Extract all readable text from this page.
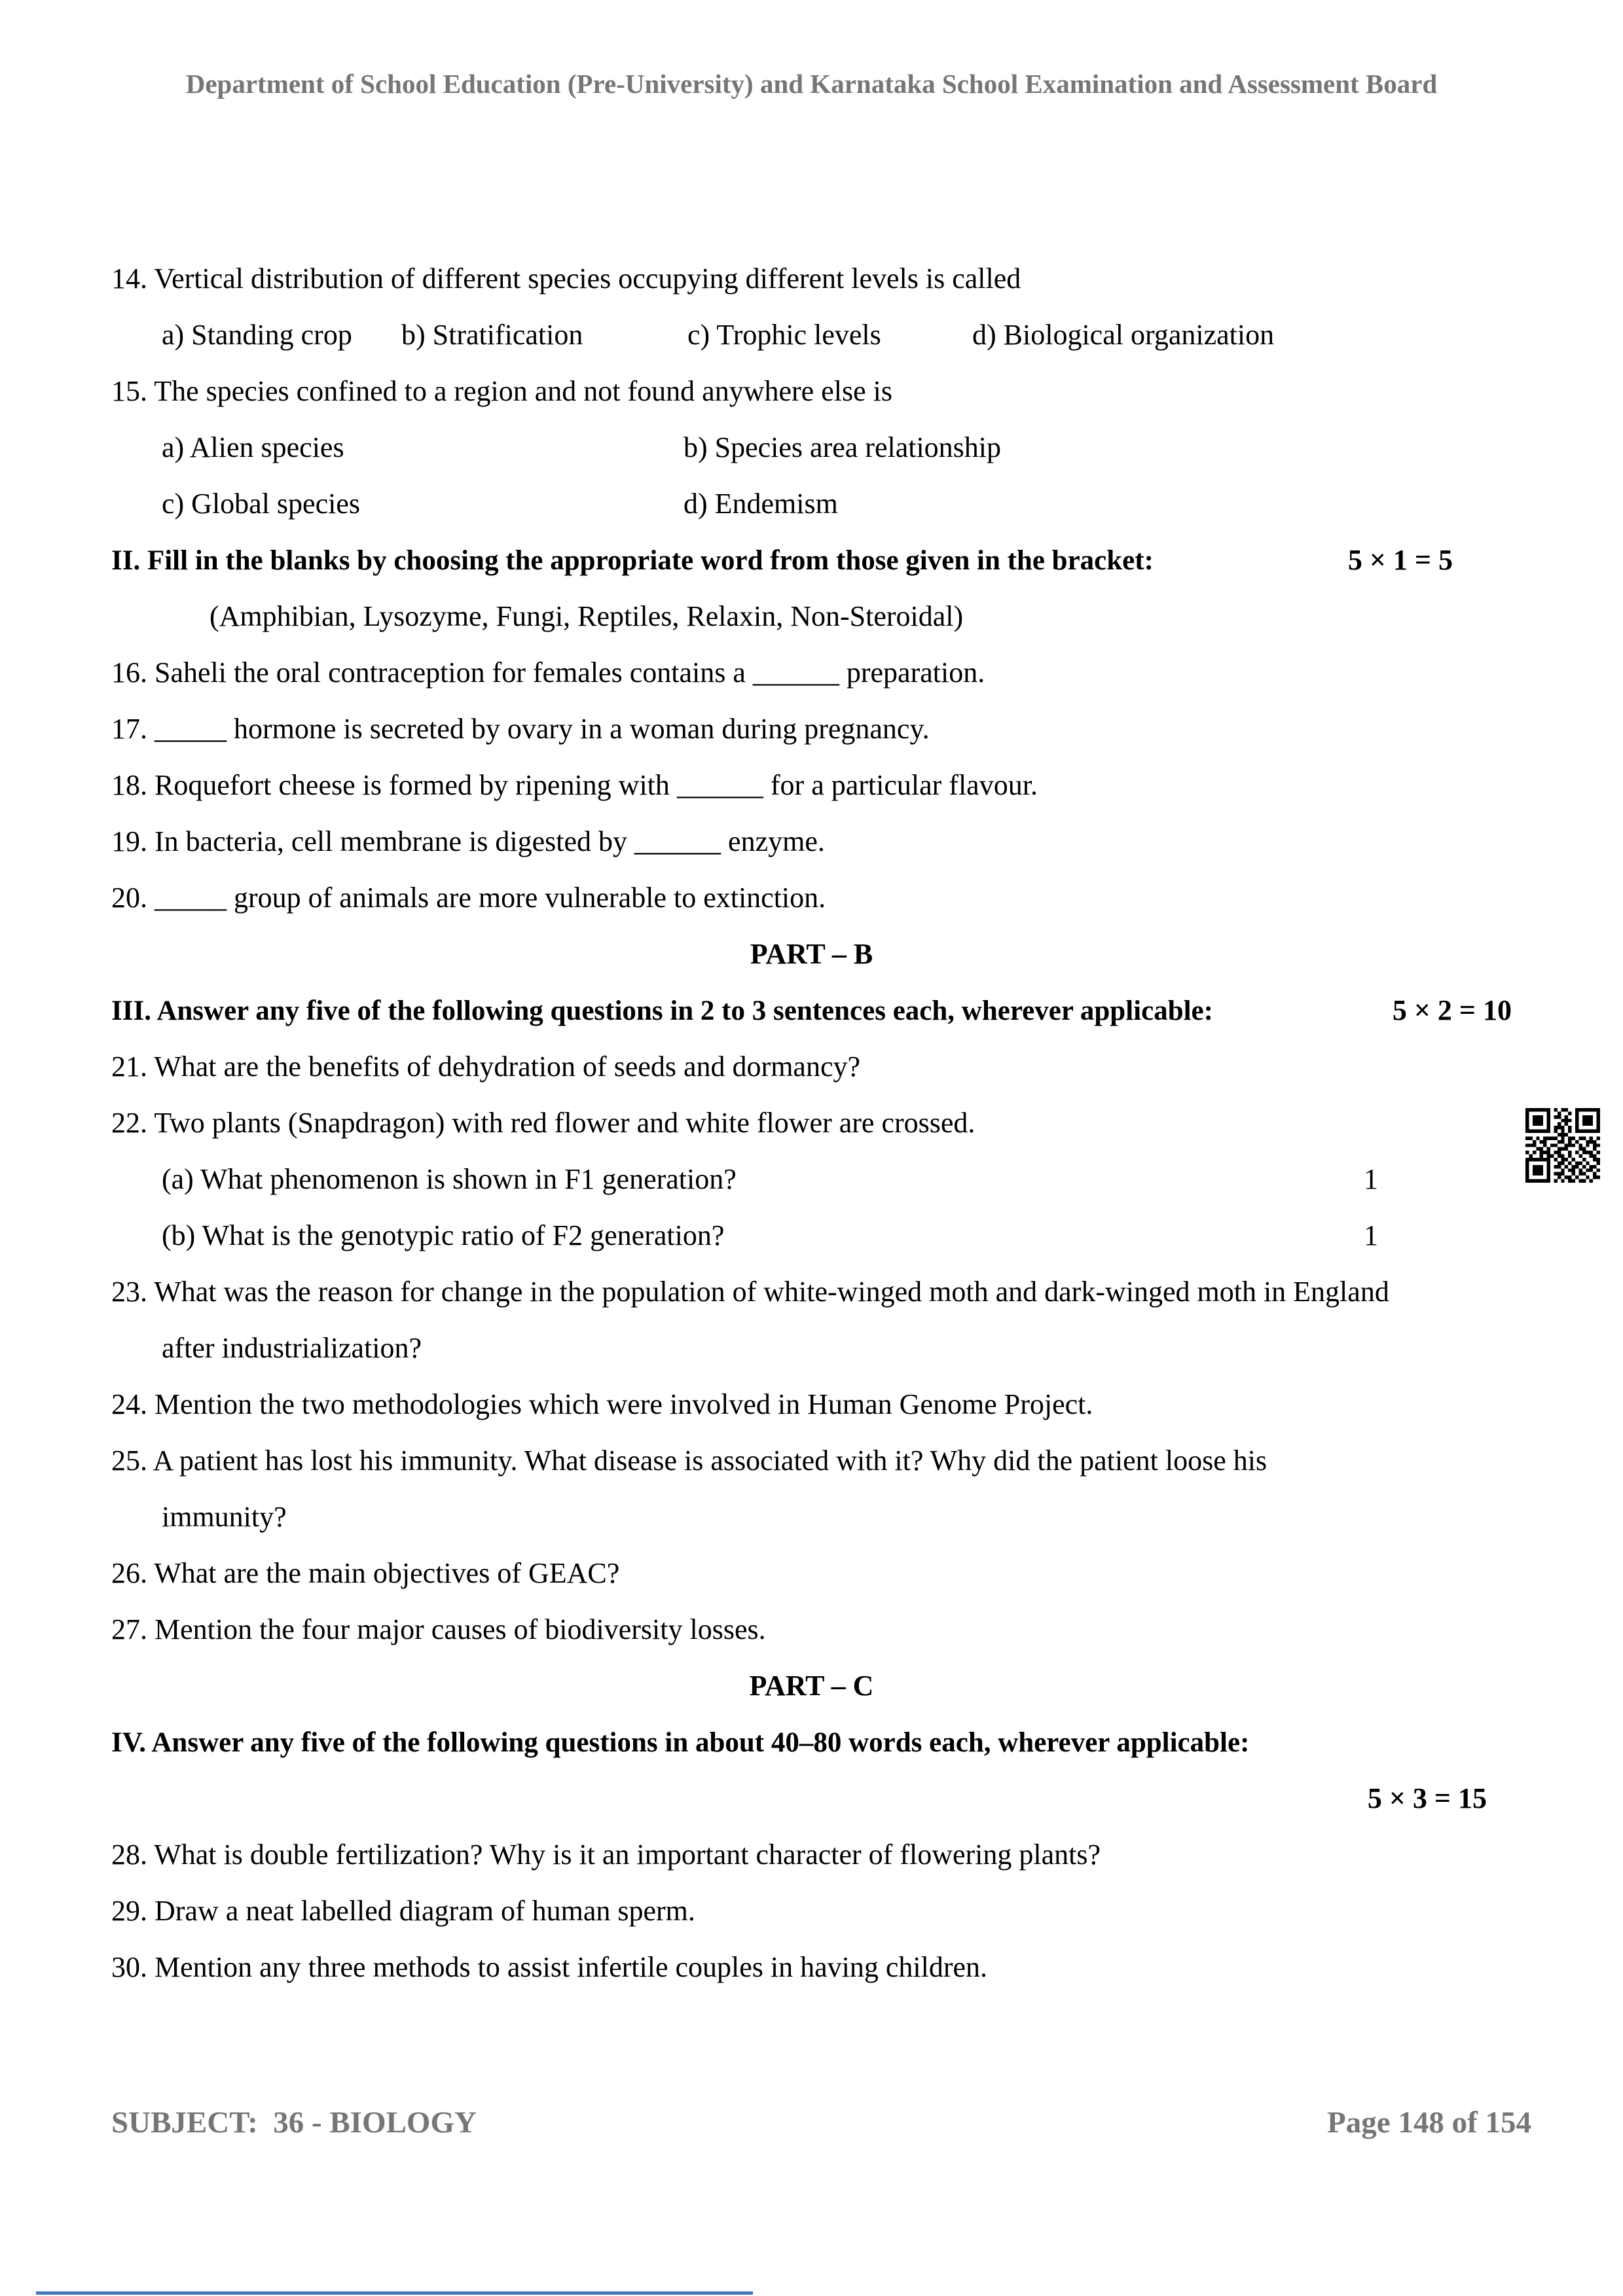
Department of School Education (Pre-University) and Karnataka School Examination and Assessment Board
14. Vertical distribution of different species occupying different levels is called
a) Standing crop b) Stratification	c) Trophic levels	d) Biological organization
15. The species confined to a region and not found anywhere else is
a) Alien species	b) Species area relationship
c) Global species	d) Endemism
II. Fill in the blanks by choosing the appropriate word from those given in the bracket:	5 × 1 = 5
(Amphibian, Lysozyme, Fungi, Reptiles, Relaxin, Non-Steroidal)
16. Saheli the oral contraception for females contains a ______ preparation.
17. _____ hormone is secreted by ovary in a woman during pregnancy.
18. Roquefort cheese is formed by ripening with ______ for a particular flavour.
19. In bacteria, cell membrane is digested by ______ enzyme.
20. _____ group of animals are more vulnerable to extinction.
PART – B
III. Answer any five of the following questions in 2 to 3 sentences each, wherever applicable:	5 × 2 = 10
21. What are the benefits of dehydration of seeds and dormancy?
22. Two plants (Snapdragon) with red flower and white flower are crossed.
(a) What phenomenon is shown in F1 generation?	1
(b) What is the genotypic ratio of F2 generation?	1
23. What was the reason for change in the population of white-winged moth and dark-winged moth in England
after industrialization?
24. Mention the two methodologies which were involved in Human Genome Project.
25. A patient has lost his immunity. What disease is associated with it? Why did the patient loose his
immunity?
26. What are the main objectives of GEAC?
27. Mention the four major causes of biodiversity losses.
PART – C
IV. Answer any five of the following questions in about 40–80 words each, wherever applicable:
5 × 3 = 15
28. What is double fertilization? Why is it an important character of flowering plants?
29. Draw a neat labelled diagram of human sperm.
30. Mention any three methods to assist infertile couples in having children.
SUBJECT:  36 - BIOLOGY	Page 148 of 154
